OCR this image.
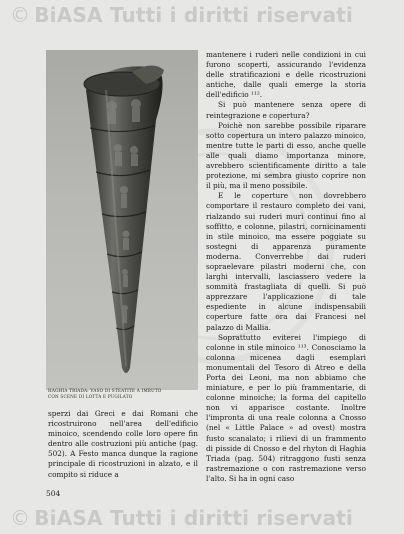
© BiASA Tutti i diritti riservati
HAGHIA TRIADA: VASO DI STEATITE A IMBUTO
CON SCENE DI LOTTA E PUGILATO

mantenere i ruderi nelle condizioni in cui furono scoperti, assicurando l'evidenza delle stratificazioni e delle ricostruzioni antiche, dalle quali emerge la storia dell'edificio ¹¹².

Si può mantenere senza opere di reintegrazione e copertura?

Poichè non sarebbe possibile riparare sotto copertura un intero palazzo minoico, mentre tutte le parti di esso, anche quelle alle quali diamo importanza minore, avrebbero scientificamente diritto a tale protezione, mi sembra giusto coprire non il più, ma il meno possibile.

E le coperture non dovrebbero comportare il restauro completo dei vani, rialzando sui ruderi muri continui fino al soffitto, e colonne, pilastri, cornicinamenti in stile minoico, ma essere poggiate su sostegni di apparenza puramente moderna. Converrebbe dai ruderi sopraelevare pilastri moderni che, con larghi intervalli, lasciassero vedere la sommità frastagliata di quelli. Si può apprezzare l'applicazione di tale espediente in alcune indispensabili coperture fatte ora dai Francesi nel palazzo di Mallia.

Soprattutto eviterei l'impiego di colonne in stile minoico ¹¹³. Conosciamo la colonna micenea dagli esemplari monumentali del Tesoro di Atreo e della Porta dei Leoni, ma non abbiamo che miniature, e per lo più frammentarie, di colonne minoiche; la forma del capitello non vi apparisce costante. Inoltre l'impronta di una reale colonna a Cnosso (nel « Little Palace » ad ovest) mostra fusto scanalato; i rilievi di un frammento di pisside di Cnosso e del rhyton di Haghia Triada (pag. 504) ritraggono fusti senza rastremazione o con rastremazione verso l'alto. Si ha in ogni caso

sperzi dai Greci e dai Romani che ricostruirono nell'area dell'edificio minoico, scendendo colle loro opere fin dentro alle costruzioni più antiche (pag. 502). A Festo manca dunque la ragione principale di ricostruzioni in alzato, e il compito si riduce a

504
© BiASA Tutti i diritti riservati
